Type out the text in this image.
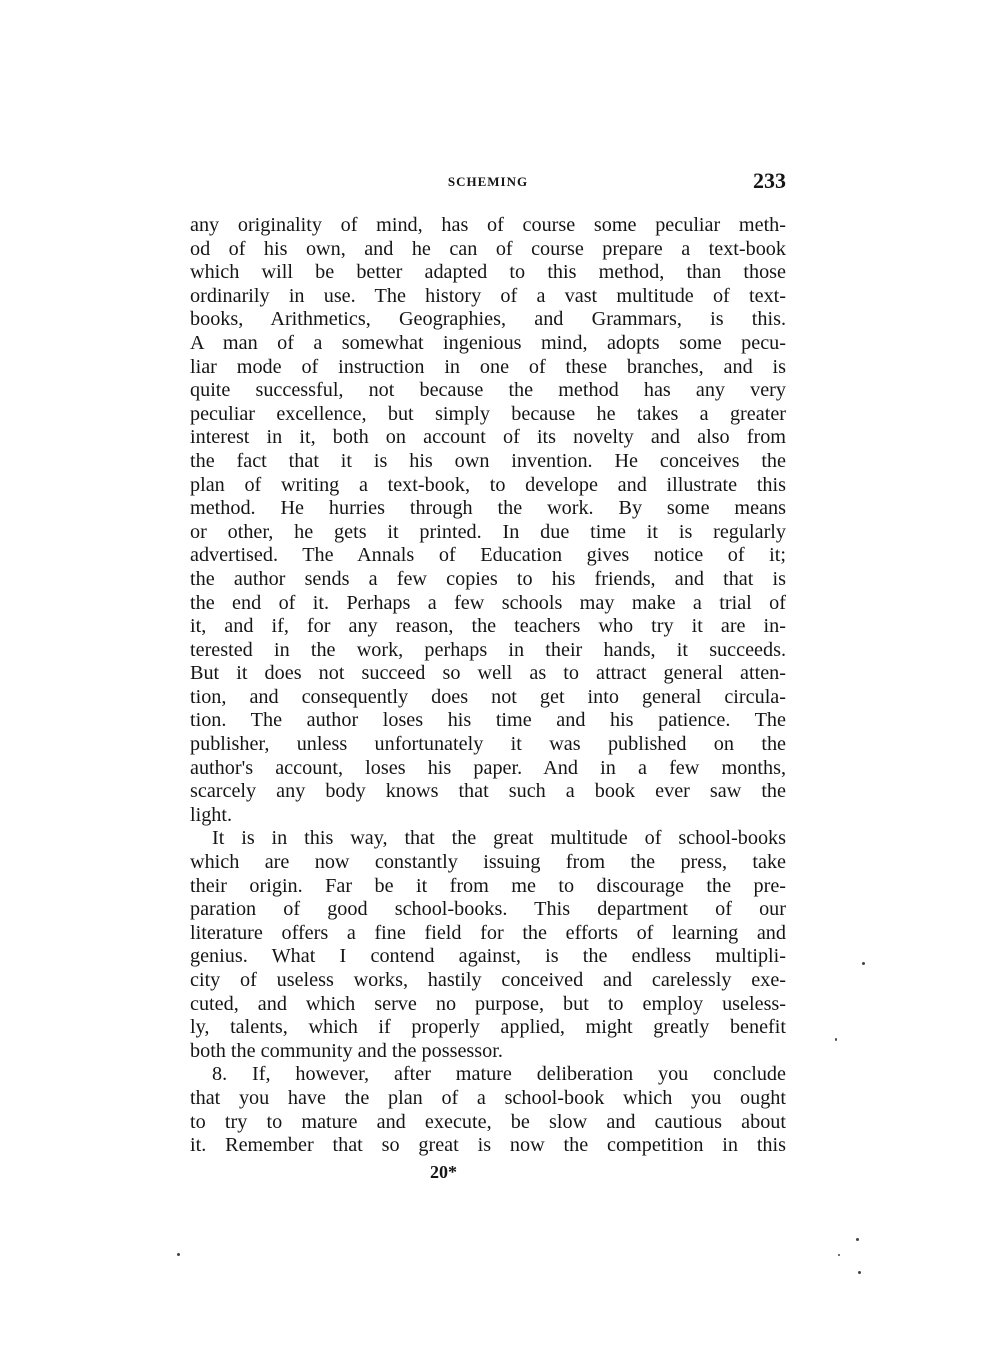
SCHEMING	233
any originality of mind, has of course some peculiar meth-
od of his own, and he can of course prepare a text-book
which will be better adapted to this method, than those
ordinarily in use. The history of a vast multitude of text-
books, Arithmetics, Geographies, and Grammars, is this.
A man of a somewhat ingenious mind, adopts some pecu-
liar mode of instruction in one of these branches, and is
quite successful, not because the method has any very
peculiar excellence, but simply because he takes a greater
interest in it, both on account of its novelty and also from
the fact that it is his own invention. He conceives the
plan of writing a text-book, to develope and illustrate this
method. He hurries through the work. By some means
or other, he gets it printed. In due time it is regularly
advertised. The Annals of Education gives notice of it;
the author sends a few copies to his friends, and that is
the end of it. Perhaps a few schools may make a trial of
it, and if, for any reason, the teachers who try it are in-
terested in the work, perhaps in their hands, it succeeds.
But it does not succeed so well as to attract general atten-
tion, and consequently does not get into general circula-
tion. The author loses his time and his patience. The
publisher, unless unfortunately it was published on the
author's account, loses his paper. And in a few months,
scarcely any body knows that such a book ever saw the
light.
It is in this way, that the great multitude of school-books
which are now constantly issuing from the press, take
their origin. Far be it from me to discourage the pre-
paration of good school-books. This department of our
literature offers a fine field for the efforts of learning and
genius. What I contend against, is the endless multipli-
city of useless works, hastily conceived and carelessly exe-
cuted, and which serve no purpose, but to employ useless-
ly, talents, which if properly applied, might greatly benefit
both the community and the possessor.
8. If, however, after mature deliberation you conclude
that you have the plan of a school-book which you ought
to try to mature and execute, be slow and cautious about
it. Remember that so great is now the competition in this
20*
